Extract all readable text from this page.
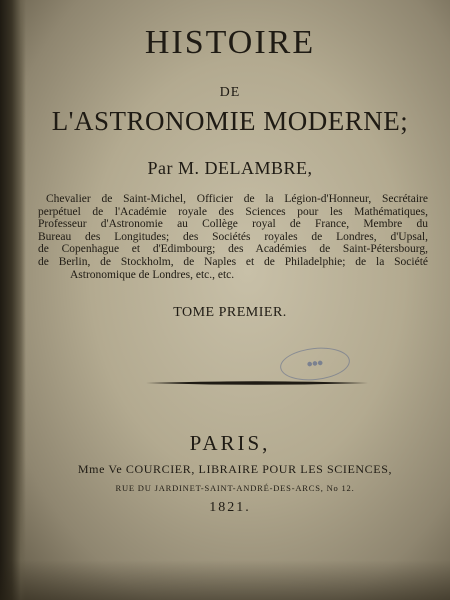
HISTOIRE
DE
L'ASTRONOMIE MODERNE;
Par M. DELAMBRE,
Chevalier de Saint-Michel, Officier de la Légion-d'Honneur, Secrétaire
perpétuel de l'Académie royale des Sciences pour les Mathématiques,
Professeur d'Astronomie au Collège royal de France, Membre du
Bureau des Longitudes; des Sociétés royales de Londres, d'Upsal,
de Copenhague et d'Edimbourg; des Académies de Saint-Pétersbourg,
de Berlin, de Stockholm, de Naples et de Philadelphie; de la Société
Astronomique de Londres, etc., etc.
TOME PREMIER.
●●●
PARIS,
Mme Ve COURCIER, LIBRAIRE POUR LES SCIENCES,
RUE DU JARDINET-SAINT-ANDRÉ-DES-ARCS, No 12.
1821.
